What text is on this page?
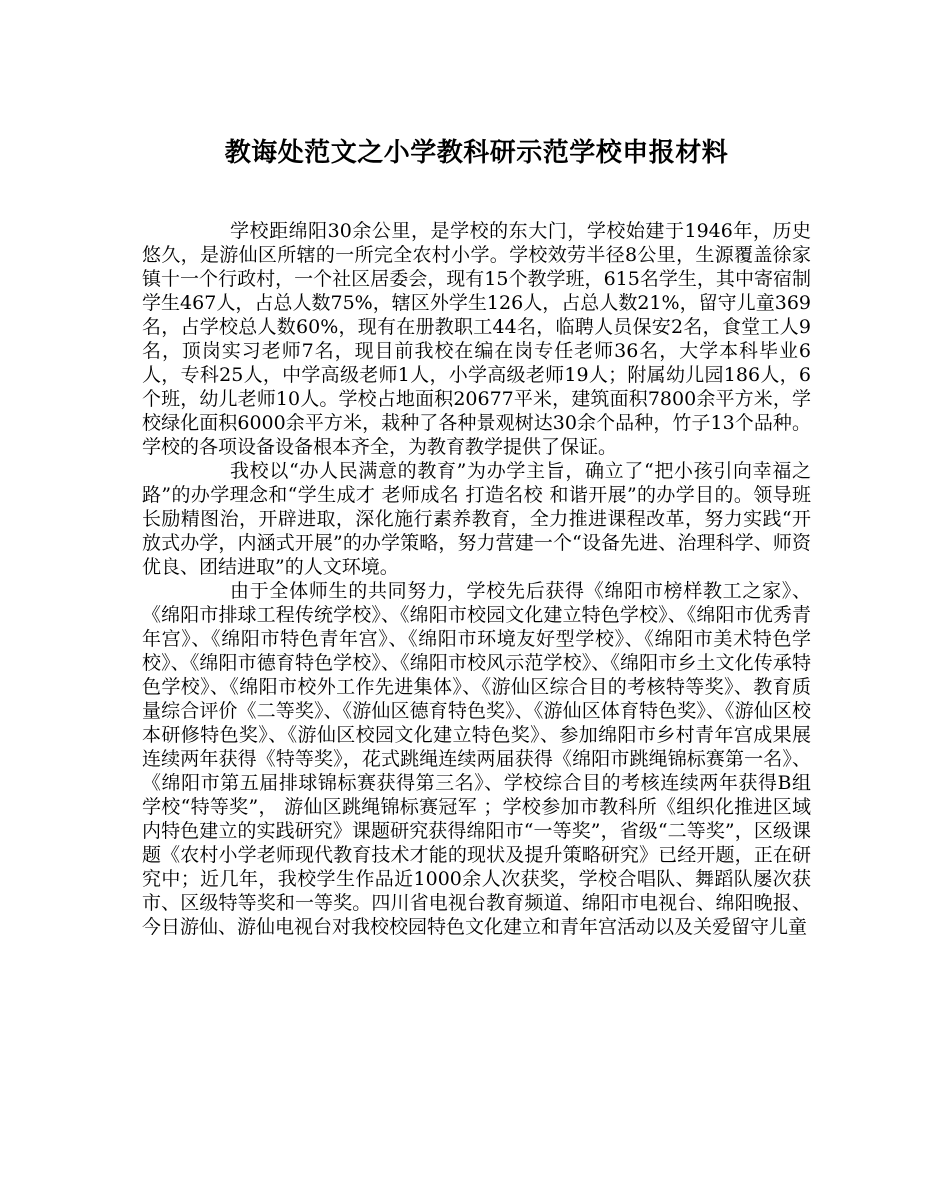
教诲处范文之小学教科研示范学校申报材料

学校距绵阳30余公里，是学校的东大门，学校始建于1946年，历史悠久，是游仙区所辖的一所完全农村小学。学校效劳半径8公里，生源覆盖徐家镇十一个行政村，一个社区居委会，现有15个教学班，615名学生，其中寄宿制学生467人，占总人数75%，辖区外学生126人，占总人数21%，留守儿童369名，占学校总人数60%，现有在册教职工44名，临聘人员保安2名，食堂工人9名，顶岗实习老师7名，现目前我校在编在岗专任老师36名，大学本科毕业6人，专科25人，中学高级老师1人，小学高级老师19人；附属幼儿园186人，6个班，幼儿老师10人。学校占地面积20677平米，建筑面积7800余平方米，学校绿化面积6000余平方米，栽种了各种景观树达30余个品种，竹子13个品种。学校的各项设备设备根本齐全，为教育教学提供了保证。

我校以“办人民满意的教育”为办学主旨，确立了“把小孩引向幸福之路”的办学理念和“学生成才 老师成名 打造名校 和谐开展”的办学目的。领导班长励精图治，开辟进取，深化施行素养教育，全力推进课程改革，努力实践“开放式办学，内涵式开展”的办学策略，努力营建一个“设备先进、治理科学、师资优良、团结进取”的人文环境。

由于全体师生的共同努力，学校先后获得《绵阳市榜样教工之家》、《绵阳市排球工程传统学校》、《绵阳市校园文化建立特色学校》、《绵阳市优秀青年宫》、《绵阳市特色青年宫》、《绵阳市环境友好型学校》、《绵阳市美术特色学校》、《绵阳市德育特色学校》、《绵阳市校风示范学校》、《绵阳市乡土文化传承特色学校》、《绵阳市校外工作先进集体》、《游仙区综合目的考核特等奖》、教育质量综合评价《二等奖》、《游仙区德育特色奖》、《游仙区体育特色奖》、《游仙区校本研修特色奖》、《游仙区校园文化建立特色奖》、参加绵阳市乡村青年宫成果展连续两年获得《特等奖》，花式跳绳连续两届获得《绵阳市跳绳锦标赛第一名》、《绵阳市第五届排球锦标赛获得第三名》、学校综合目的考核连续两年获得B组学校“特等奖”， 游仙区跳绳锦标赛冠军 ；学校参加市教科所《组织化推进区域内特色建立的实践研究》课题研究获得绵阳市“一等奖”，省级“二等奖”，区级课题《农村小学老师现代教育技术才能的现状及提升策略研究》已经开题，正在研究中；近几年，我校学生作品近1000余人次获奖，学校合唱队、舞蹈队屡次获市、区级特等奖和一等奖。四川省电视台教育频道、绵阳市电视台、绵阳晚报、今日游仙、游仙电视台对我校校园特色文化建立和青年宫活动以及关爱留守儿童
